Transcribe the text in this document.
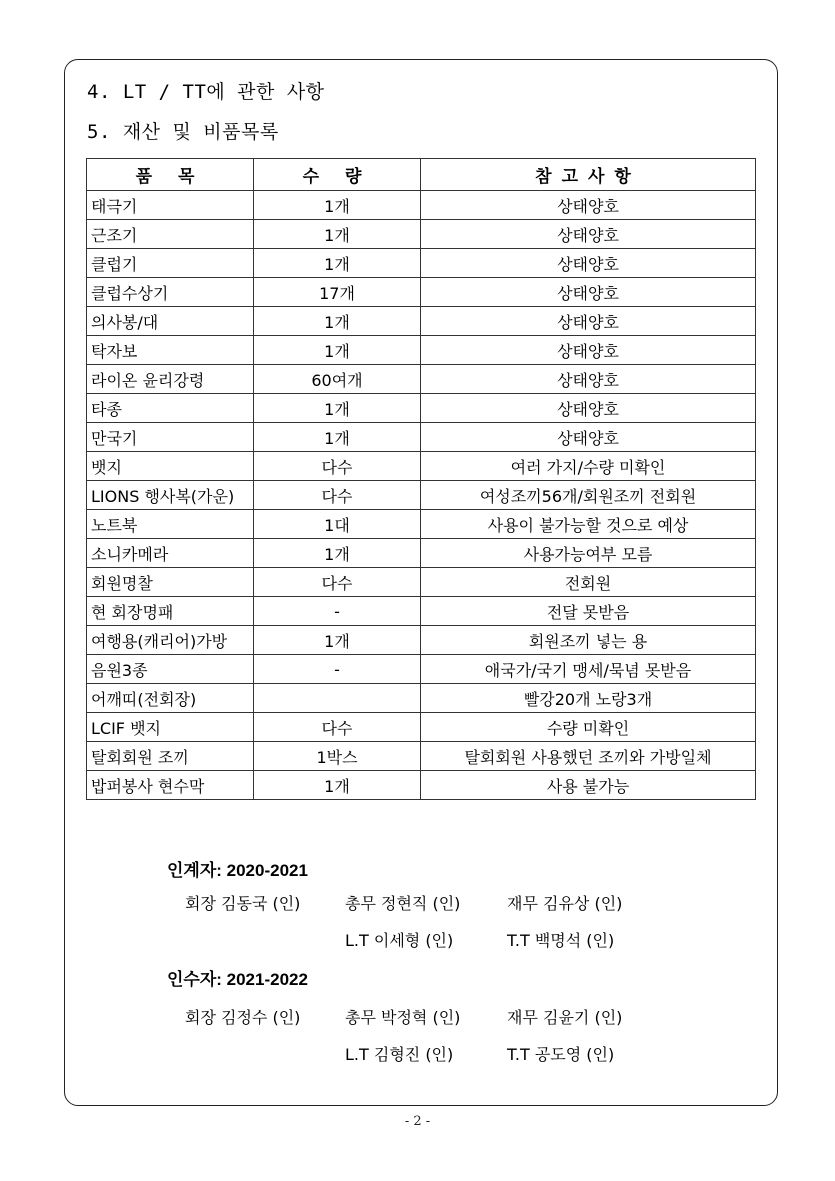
4. LT / TT에 관한 사항
5. 재산 및 비품목록
품 목	수 량	참고사항
태극기	1개	상태양호
근조기	1개	상태양호
클럽기	1개	상태양호
클럽수상기	17개	상태양호
의사봉/대	1개	상태양호
탁자보	1개	상태양호
라이온 윤리강령	60여개	상태양호
타종	1개	상태양호
만국기	1개	상태양호
뱃지	다수	여러 가지/수량 미확인
LIONS 행사복(가운)	다수	여성조끼56개/회원조끼 전회원
노트북	1대	사용이 불가능할 것으로 예상
소니카메라	1개	사용가능여부 모름
회원명찰	다수	전회원
현 회장명패	-	전달 못받음
여행용(캐리어)가방	1개	회원조끼 넣는 용
음원3종	-	애국가/국기 맹세/묵념 못받음
어깨띠(전회장)		빨강20개 노랑3개
LCIF 뱃지	다수	수량 미확인
탈회회원 조끼	1박스	탈회회원 사용했던 조끼와 가방일체
밥퍼봉사 현수막	1개	사용 불가능
인계자: 2020-2021
회장 김동국 (인)	총무 정현직 (인)	재무 김유상 (인)
L.T 이세형 (인)	T.T 백명석 (인)
인수자: 2021-2022
회장 김정수 (인)	총무 박정혁 (인)	재무 김윤기 (인)
L.T 김형진 (인)	T.T 공도영 (인)
- 2 -
